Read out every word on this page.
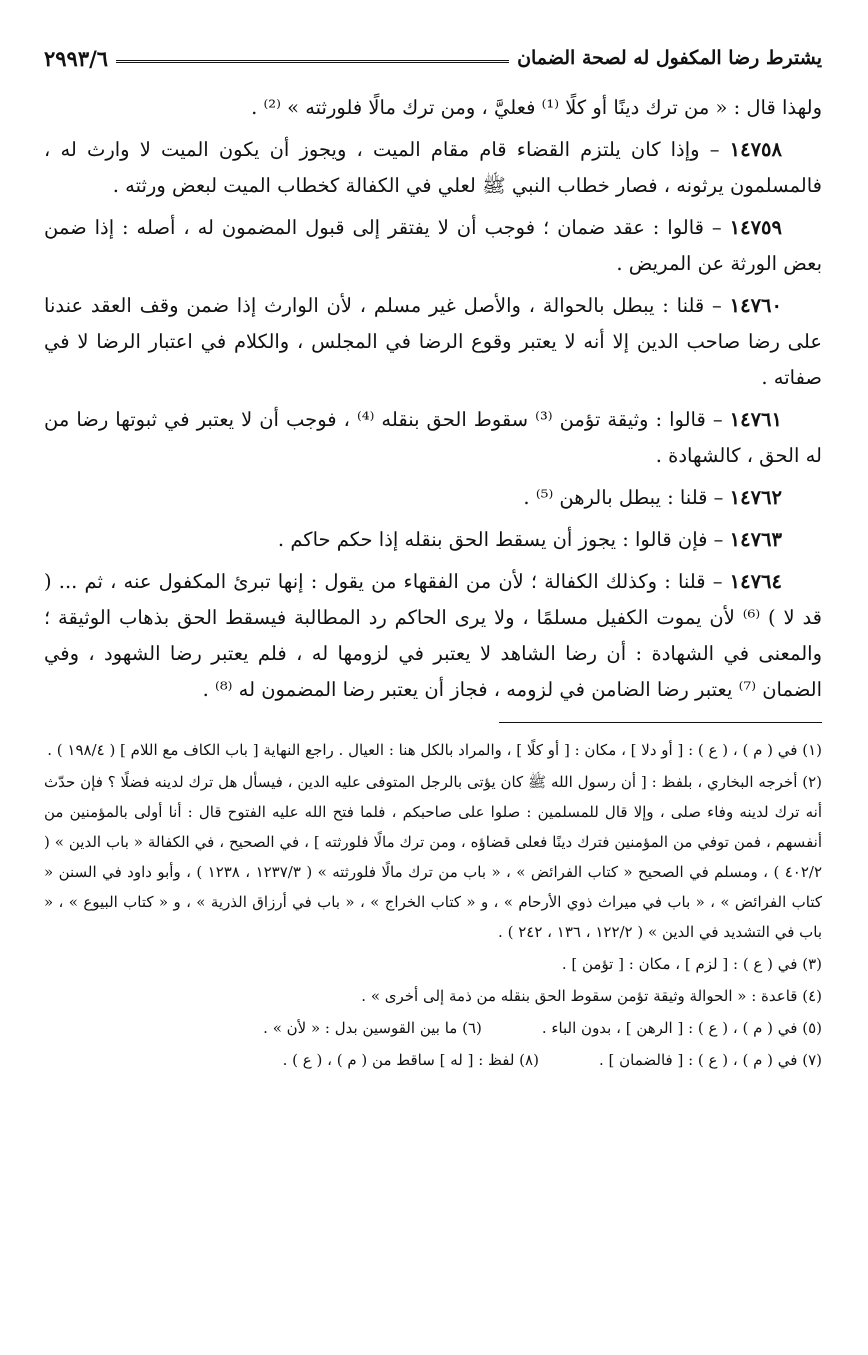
يشترط رضا المكفول له لصحة الضمان
٢٩٩٣/٦

ولهذا قال : « من ترك دينًا أو كلًا ⁽¹⁾ فعليَّ ، ومن ترك مالًا فلورثته » ⁽²⁾ .

١٤٧٥٨ – وإذا كان يلتزم القضاء قام مقام الميت ، ويجوز أن يكون الميت لا وارث له ، فالمسلمون يرثونه ، فصار خطاب النبي ﷺ لعلي في الكفالة كخطاب الميت لبعض ورثته .

١٤٧٥٩ – قالوا : عقد ضمان ؛ فوجب أن لا يفتقر إلى قبول المضمون له ، أصله : إذا ضمن بعض الورثة عن المريض .

١٤٧٦٠ – قلنا : يبطل بالحوالة ، والأصل غير مسلم ، لأن الوارث إذا ضمن وقف العقد عندنا على رضا صاحب الدين إلا أنه لا يعتبر وقوع الرضا في المجلس ، والكلام في اعتبار الرضا لا في صفاته .

١٤٧٦١ – قالوا : وثيقة تؤمن ⁽³⁾ سقوط الحق بنقله ⁽⁴⁾ ، فوجب أن لا يعتبر في ثبوتها رضا من له الحق ، كالشهادة .

١٤٧٦٢ – قلنا : يبطل بالرهن ⁽⁵⁾ .

١٤٧٦٣ – فإن قالوا : يجوز أن يسقط الحق بنقله إذا حكم حاكم .

١٤٧٦٤ – قلنا : وكذلك الكفالة ؛ لأن من الفقهاء من يقول : إنها تبرئ المكفول عنه ، ثم ... ( قد لا ) ⁽⁶⁾ لأن يموت الكفيل مسلمًا ، ولا يرى الحاكم رد المطالبة فيسقط الحق بذهاب الوثيقة ؛ والمعنى في الشهادة : أن رضا الشاهد لا يعتبر في لزومها له ، فلم يعتبر رضا الشهود ، وفي الضمان ⁽⁷⁾ يعتبر رضا الضامن في لزومه ، فجاز أن يعتبر رضا المضمون له ⁽⁸⁾ .

(١) في ( م ) ، ( ع ) : [ أو دلا ] ، مكان : [ أو كلًا ] ، والمراد بالكل هنا : العيال . راجع النهاية [ باب الكاف مع اللام ] ( ١٩٨/٤ ) .

(٢) أخرجه البخاري ، بلفظ : [ أن رسول الله ﷺ كان يؤتى بالرجل المتوفى عليه الدين ، فيسأل هل ترك لدينه فضلًا ؟ فإن حدّث أنه ترك لدينه وفاء صلى ، وإلا قال للمسلمين : صلوا على صاحبكم ، فلما فتح الله عليه الفتوح قال : أنا أولى بالمؤمنين من أنفسهم ، فمن توفي من المؤمنين فترك دينًا فعلى قضاؤه ، ومن ترك مالًا فلورثته ] ، في الصحيح ، في الكفالة « باب الدين » ( ٤٠٢/٢ ) ، ومسلم في الصحيح « كتاب الفرائض » ، « باب من ترك مالًا فلورثته » ( ١٢٣٧/٣ ، ١٢٣٨ ) ، وأبو داود في السنن « كتاب الفرائض » ، « باب في ميراث ذوي الأرحام » ، و « كتاب الخراج » ، « باب في أرزاق الذرية » ، و « كتاب البيوع » ، « باب في التشديد في الدين » ( ١٢٢/٢ ، ١٣٦ ، ٢٤٢ ) .

(٣) في ( ع ) : [ لزم ] ، مكان : [ تؤمن ] .

(٤) قاعدة : « الحوالة وثيقة تؤمن سقوط الحق بنقله من ذمة إلى أخرى » .

(٥) في ( م ) ، ( ع ) : [ الرهن ] ، بدون الباء .
(٦) ما بين القوسين بدل : « لأن » .
(٧) في ( م ) ، ( ع ) : [ فالضمان ] .
(٨) لفظ : [ له ] ساقط من ( م ) ، ( ع ) .
